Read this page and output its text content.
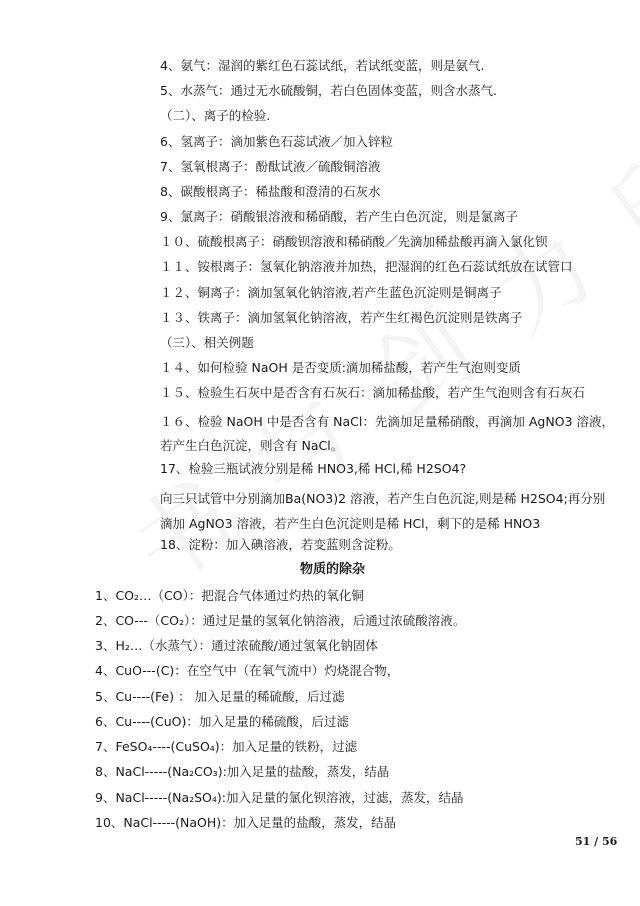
4、氨气：湿润的紫红色石蕊试纸，若试纸变蓝，则是氨气.
5、水蒸气：通过无水硫酸铜，若白色固体变蓝，则含水蒸气.
（二）、离子的检验.
6、氢离子：滴加紫色石蕊试液／加入锌粒
7、氢氧根离子：酚酞试液／硫酸铜溶液
8、碳酸根离子：稀盐酸和澄清的石灰水
9、氯离子：硝酸银溶液和稀硝酸，若产生白色沉淀，则是氯离子
１０、硫酸根离子：硝酸钡溶液和稀硝酸／先滴加稀盐酸再滴入氯化钡
１１、铵根离子：氢氧化钠溶液并加热，把湿润的红色石蕊试纸放在试管口
１２、铜离子：滴加氢氧化钠溶液,若产生蓝色沉淀则是铜离子
１３、铁离子：滴加氢氧化钠溶液，若产生红褐色沉淀则是铁离子
（三）、相关例题
１４、如何检验 NaOH 是否变质:滴加稀盐酸，若产生气泡则变质
１５、检验生石灰中是否含有石灰石：滴加稀盐酸，若产生气泡则含有石灰石
１６、检验 NaOH 中是否含有 NaCl：先滴加足量稀硝酸，再滴加 AgNO3 溶液，若产生白色沉淀，则含有 NaCl。
17、检验三瓶试液分别是稀 HNO3,稀 HCl,稀 H2SO4?
向三只试管中分别滴加Ba(NO3)2 溶液，若产生白色沉淀,则是稀 H2SO4;再分别滴加 AgNO3 溶液，若产生白色沉淀则是稀 HCl，剩下的是稀 HNO3
18、淀粉：加入碘溶液，若变蓝则含淀粉。
物质的除杂
1、CO₂…（CO）：把混合气体通过灼热的氧化铜
2、CO---（CO₂）：通过足量的氢氧化钠溶液，后通过浓硫酸溶液。
3、H₂…（水蒸气）：通过浓硫酸/通过氢氧化钠固体
4、CuO---(C)：在空气中（在氧气流中）灼烧混合物，
5、Cu----(Fe) ： 加入足量的稀硫酸，后过滤
6、Cu----(CuO)：加入足量的稀硫酸，后过滤
7、FeSO₄----(CuSO₄)：加入足量的铁粉，过滤
8、NaCl-----(Na₂CO₃):加入足量的盐酸，蒸发，结晶
9、NaCl-----(Na₂SO₄):加入足量的氯化钡溶液，过滤，蒸发，结晶
10、NaCl-----(NaOH)：加入足量的盐酸，蒸发，结晶
51 / 56
